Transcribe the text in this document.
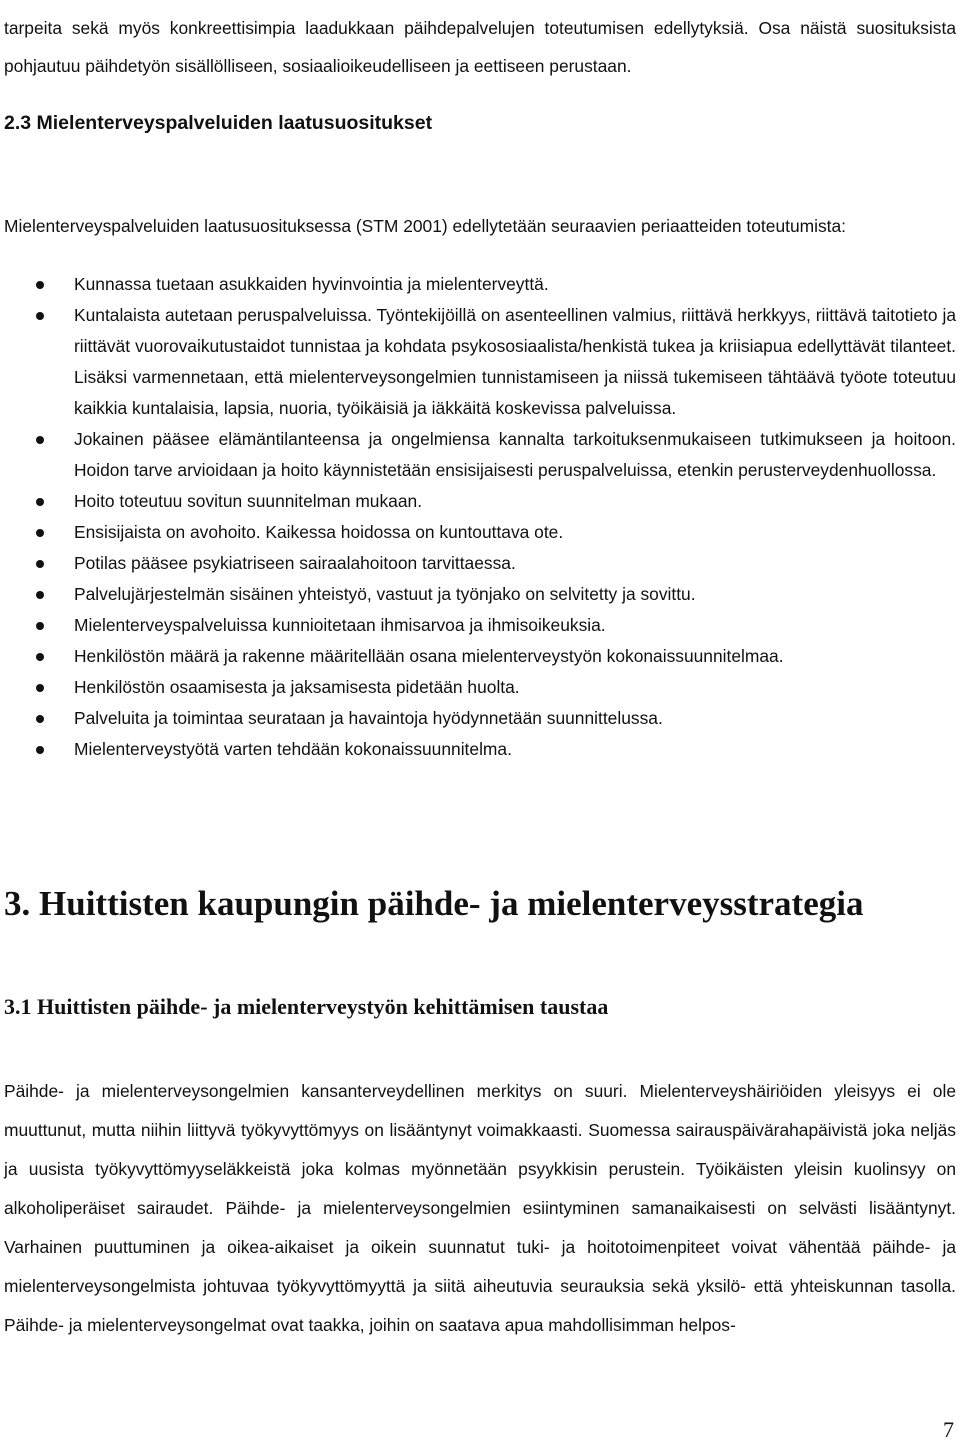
tarpeita sekä myös konkreettisimpia laadukkaan päihdepalvelujen toteutumisen edellytyksiä. Osa näistä suosituksista pohjautuu päihdetyön sisällölliseen, sosiaalioikeudelliseen ja eettiseen perustaan.

2.3 Mielenterveyspalveluiden laatusuositukset

Mielenterveyspalveluiden laatusuosituksessa (STM 2001) edellytetään seuraavien periaatteiden toteutumista:

Kunnassa tuetaan asukkaiden hyvinvointia ja mielenterveyttä.
Kuntalaista autetaan peruspalveluissa. Työntekijöillä on asenteellinen valmius, riittävä herkkyys, riittävä taitotieto ja riittävät vuorovaikutustaidot tunnistaa ja kohdata psykososiaalista/henkistä tukea ja kriisiapua edellyttävät tilanteet. Lisäksi varmennetaan, että mielenterveysongelmien tunnistamiseen ja niissä tukemiseen tähtäävä työote toteutuu kaikkia kuntalaisia, lapsia, nuoria, työikäisiä ja iäkkäitä koskevissa palveluissa.
Jokainen pääsee elämäntilanteensa ja ongelmiensa kannalta tarkoituksenmukaiseen tutkimukseen ja hoitoon. Hoidon tarve arvioidaan ja hoito käynnistetään ensisijaisesti peruspalveluissa, etenkin perusterveydenhuollossa.
Hoito toteutuu sovitun suunnitelman mukaan.
Ensisijaista on avohoito. Kaikessa hoidossa on kuntouttava ote.
Potilas pääsee psykiatriseen sairaalahoitoon tarvittaessa.
Palvelujärjestelmän sisäinen yhteistyö, vastuut ja työnjako on selvitetty ja sovittu.
Mielenterveyspalveluissa kunnioitetaan ihmisarvoa ja ihmisoikeuksia.
Henkilöstön määrä ja rakenne määritellään osana mielenterveystyön kokonaissuunnitelmaa.
Henkilöstön osaamisesta ja jaksamisesta pidetään huolta.
Palveluita ja toimintaa seurataan ja havaintoja hyödynnetään suunnittelussa.
Mielenterveystyötä varten tehdään kokonaissuunnitelma.
3. Huittisten kaupungin päihde- ja mielenterveysstrategia
3.1 Huittisten päihde- ja mielenterveystyön kehittämisen taustaa

Päihde- ja mielenterveysongelmien kansanterveydellinen merkitys on suuri. Mielenterveyshäiriöiden yleisyys ei ole muuttunut, mutta niihin liittyvä työkyvyttömyys on lisääntynyt voimakkaasti. Suomessa sairauspäivärahapäivistä joka neljäs ja uusista työkyvyttömyyseläkkeistä joka kolmas myönnetään psyykkisin perustein. Työikäisten yleisin kuolinsyy on alkoholiperäiset sairaudet. Päihde- ja mielenterveysongelmien esiintyminen samanaikaisesti on selvästi lisääntynyt. Varhainen puuttuminen ja oikea-aikaiset ja oikein suunnatut tuki- ja hoitotoimenpiteet voivat vähentää päihde- ja mielenterveysongelmista johtuvaa työkyvyttömyyttä ja siitä aiheutuvia seurauksia sekä yksilö- että yhteiskunnan tasolla. Päihde- ja mielenterveysongelmat ovat taakka, joihin on saatava apua mahdollisimman helpos-

7
